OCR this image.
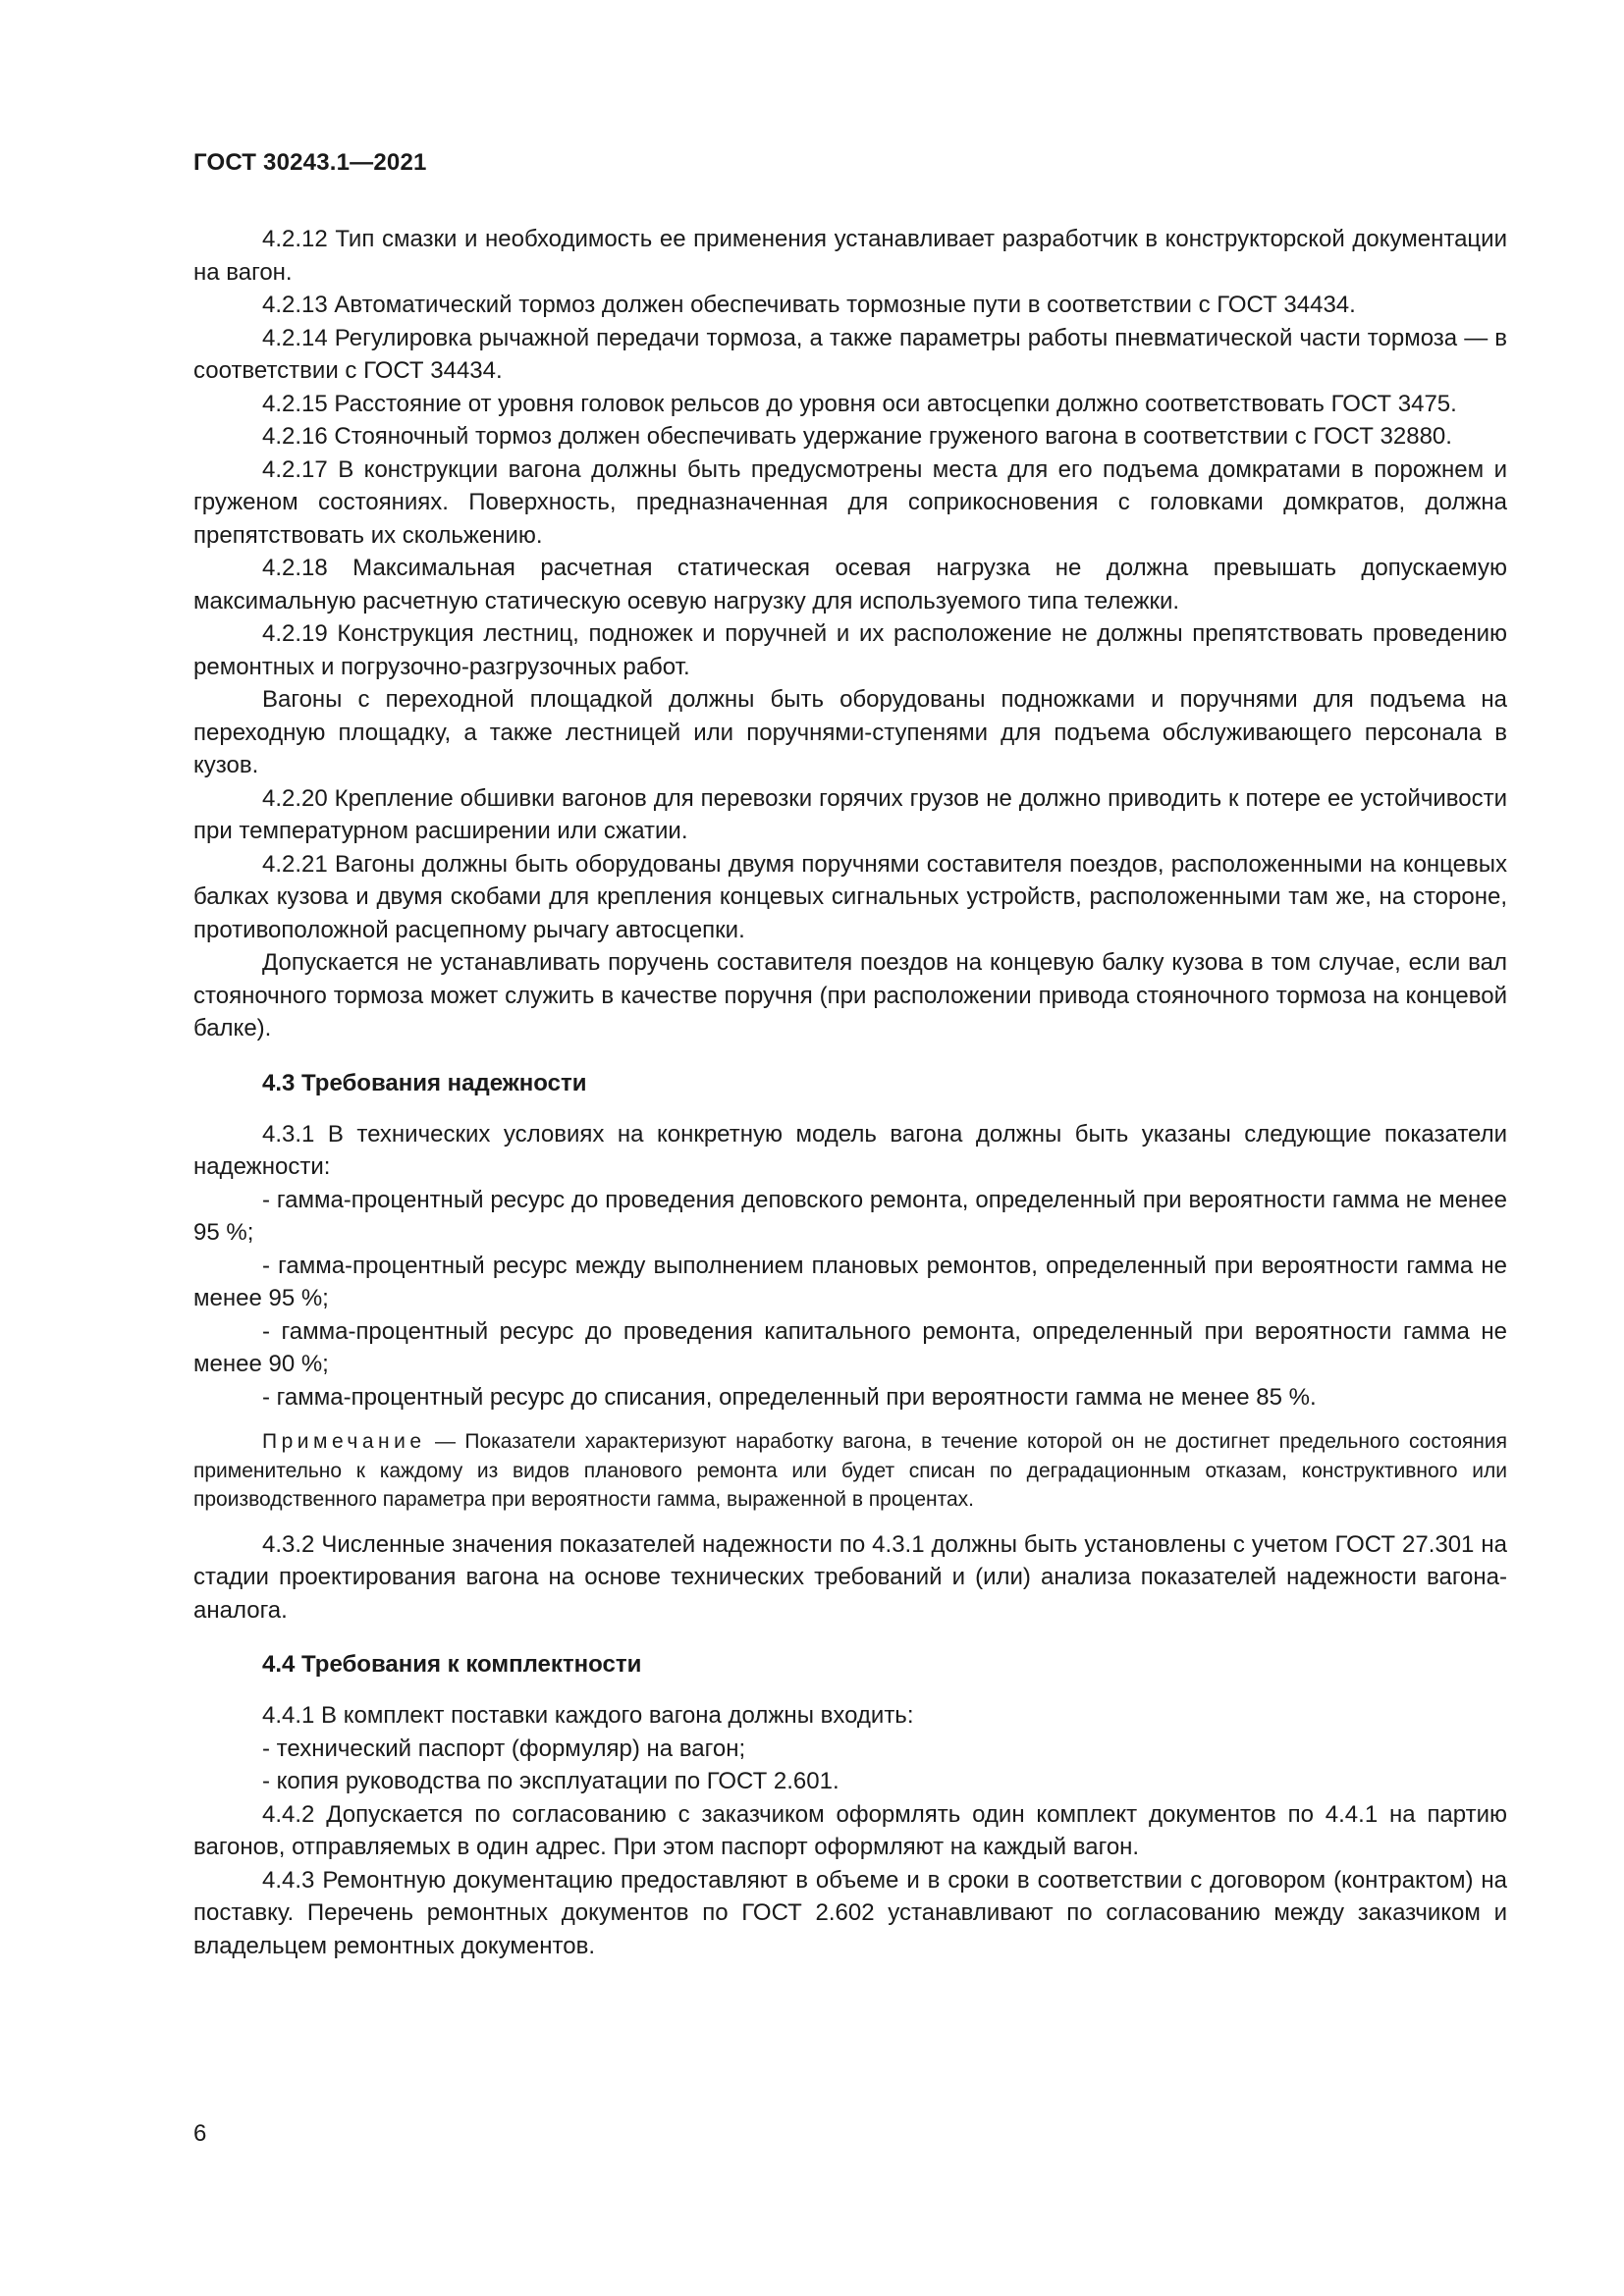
ГОСТ 30243.1—2021

4.2.12 Тип смазки и необходимость ее применения устанавливает разработчик в конструкторской документации на вагон.

4.2.13 Автоматический тормоз должен обеспечивать тормозные пути в соответствии с ГОСТ 34434.

4.2.14 Регулировка рычажной передачи тормоза, а также параметры работы пневматической части тормоза — в соответствии с ГОСТ 34434.

4.2.15 Расстояние от уровня головок рельсов до уровня оси автосцепки должно соответствовать ГОСТ 3475.

4.2.16 Стояночный тормоз должен обеспечивать удержание груженого вагона в соответствии с ГОСТ 32880.

4.2.17 В конструкции вагона должны быть предусмотрены места для его подъема домкратами в порожнем и груженом состояниях. Поверхность, предназначенная для соприкосновения с головками домкратов, должна препятствовать их скольжению.

4.2.18 Максимальная расчетная статическая осевая нагрузка не должна превышать допускаемую максимальную расчетную статическую осевую нагрузку для используемого типа тележки.

4.2.19 Конструкция лестниц, подножек и поручней и их расположение не должны препятствовать проведению ремонтных и погрузочно-разгрузочных работ.

Вагоны с переходной площадкой должны быть оборудованы подножками и поручнями для подъема на переходную площадку, а также лестницей или поручнями-ступенями для подъема обслуживающего персонала в кузов.

4.2.20 Крепление обшивки вагонов для перевозки горячих грузов не должно приводить к потере ее устойчивости при температурном расширении или сжатии.

4.2.21 Вагоны должны быть оборудованы двумя поручнями составителя поездов, расположенными на концевых балках кузова и двумя скобами для крепления концевых сигнальных устройств, расположенными там же, на стороне, противоположной расцепному рычагу автосцепки.

Допускается не устанавливать поручень составителя поездов на концевую балку кузова в том случае, если вал стояночного тормоза может служить в качестве поручня (при расположении привода стояночного тормоза на концевой балке).

4.3 Требования надежности

4.3.1 В технических условиях на конкретную модель вагона должны быть указаны следующие показатели надежности:

- гамма-процентный ресурс до проведения деповского ремонта, определенный при вероятности гамма не менее 95 %;

- гамма-процентный ресурс между выполнением плановых ремонтов, определенный при вероятности гамма не менее 95 %;

- гамма-процентный ресурс до проведения капитального ремонта, определенный при вероятности гамма не менее 90 %;

- гамма-процентный ресурс до списания, определенный при вероятности гамма не менее 85 %.

Примечание — Показатели характеризуют наработку вагона, в течение которой он не достигнет предельного состояния применительно к каждому из видов планового ремонта или будет списан по деградационным отказам, конструктивного или производственного параметра при вероятности гамма, выраженной в процентах.

4.3.2 Численные значения показателей надежности по 4.3.1 должны быть установлены с учетом ГОСТ 27.301 на стадии проектирования вагона на основе технических требований и (или) анализа показателей надежности вагона-аналога.

4.4 Требования к комплектности

4.4.1 В комплект поставки каждого вагона должны входить:

- технический паспорт (формуляр) на вагон;

- копия руководства по эксплуатации по ГОСТ 2.601.

4.4.2 Допускается по согласованию с заказчиком оформлять один комплект документов по 4.4.1 на партию вагонов, отправляемых в один адрес. При этом паспорт оформляют на каждый вагон.

4.4.3 Ремонтную документацию предоставляют в объеме и в сроки в соответствии с договором (контрактом) на поставку. Перечень ремонтных документов по ГОСТ 2.602 устанавливают по согласованию между заказчиком и владельцем ремонтных документов.

6
